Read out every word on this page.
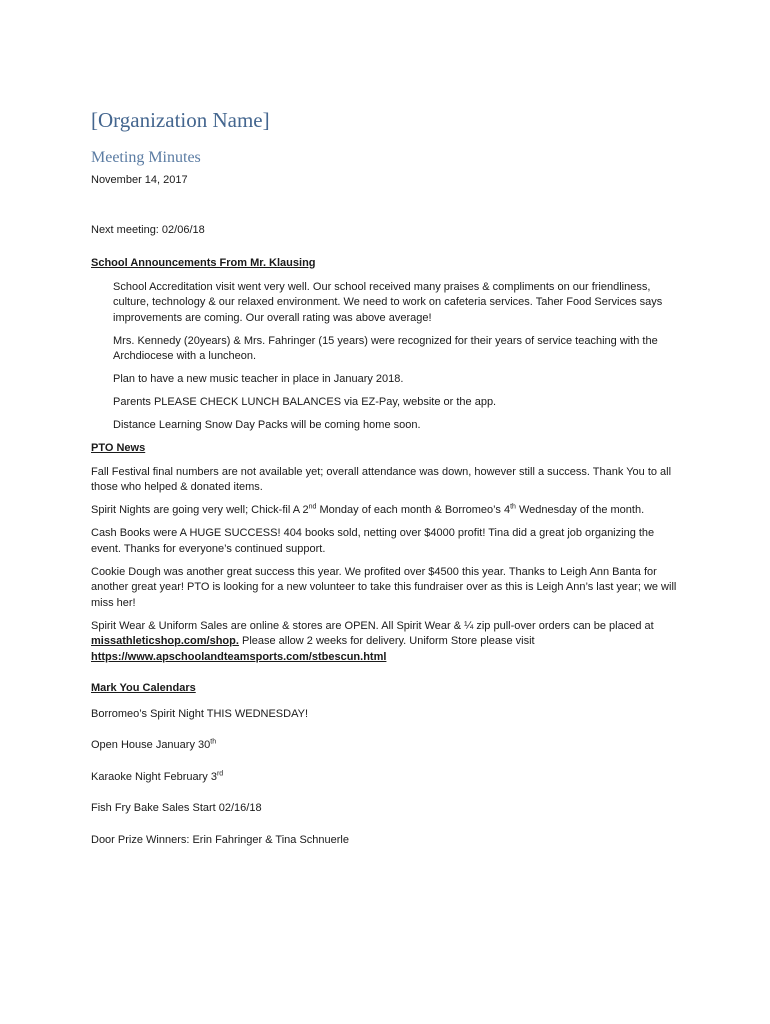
[Organization Name]
Meeting Minutes

November 14, 2017

Next meeting: 02/06/18

School Announcements From Mr. Klausing

School Accreditation visit went very well. Our school received many praises & compliments on our friendliness, culture, technology & our relaxed environment. We need to work on cafeteria services. Taher Food Services says improvements are coming. Our overall rating was above average!

Mrs. Kennedy (20years) & Mrs. Fahringer (15 years) were recognized for their years of service teaching with the Archdiocese with a luncheon.

Plan to have a new music teacher in place in January 2018.

Parents PLEASE CHECK LUNCH BALANCES via EZ-Pay, website or the app.

Distance Learning Snow Day Packs will be coming home soon.

PTO News

Fall Festival final numbers are not available yet; overall attendance was down, however still a success. Thank You to all those who helped & donated items.

Spirit Nights are going very well; Chick-fil A 2nd Monday of each month & Borromeo’s 4th Wednesday of the month.

Cash Books were A HUGE SUCCESS! 404 books sold, netting over $4000 profit! Tina did a great job organizing the event. Thanks for everyone’s continued support.

Cookie Dough was another great success this year. We profited over $4500 this year. Thanks to Leigh Ann Banta for another great year! PTO is looking for a new volunteer to take this fundraiser over as this is Leigh Ann’s last year; we will miss her!

Spirit Wear & Uniform Sales are online & stores are OPEN. All Spirit Wear & ¼ zip pull-over orders can be placed at missathleticshop.com/shop. Please allow 2 weeks for delivery. Uniform Store please visit https://www.apschoolandteamsports.com/stbescun.html

Mark You Calendars

Borromeo’s Spirit Night THIS WEDNESDAY!

Open House January 30th

Karaoke Night February 3rd

Fish Fry Bake Sales Start 02/16/18

Door Prize Winners: Erin Fahringer & Tina Schnuerle
